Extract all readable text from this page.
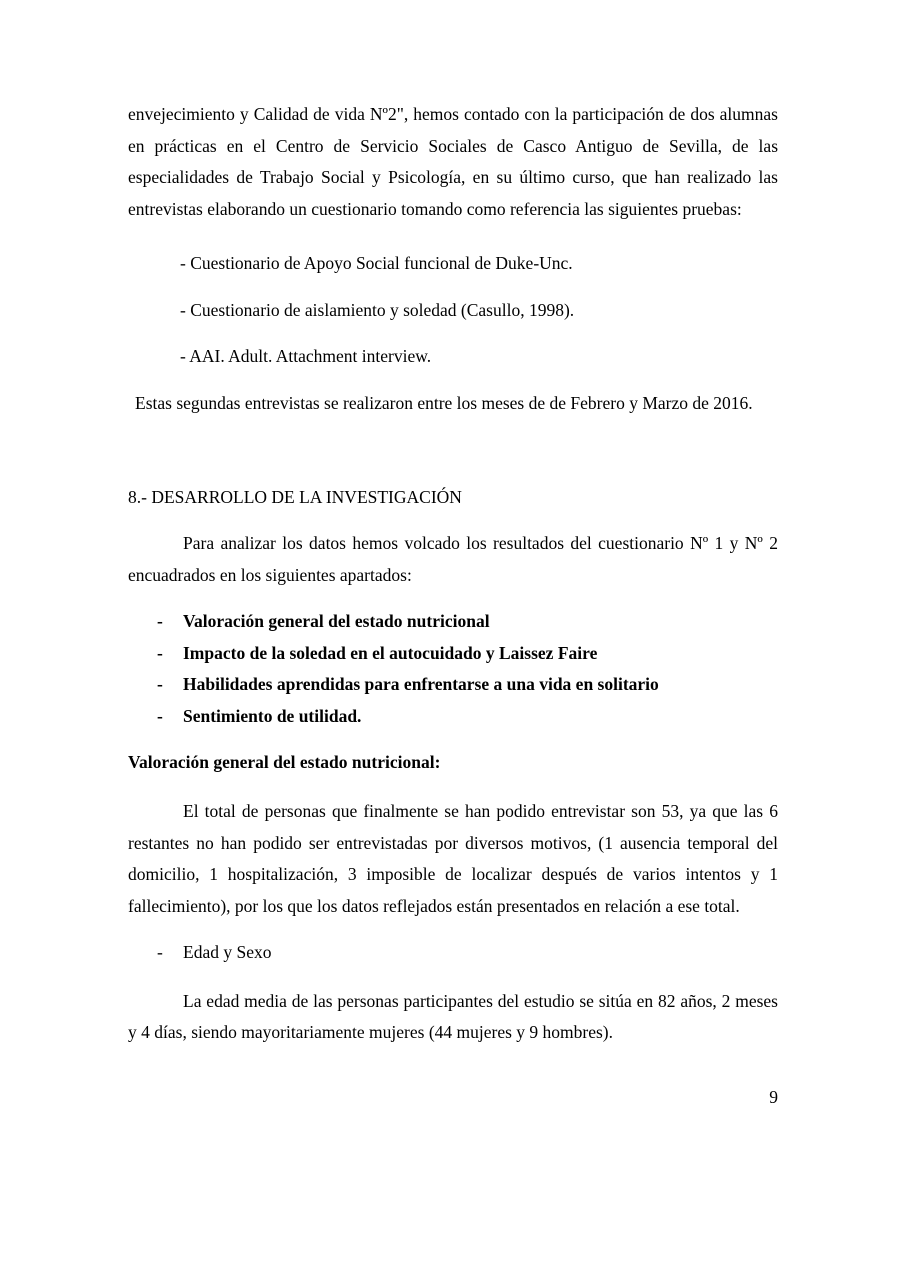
envejecimiento y Calidad de vida Nº2", hemos contado con la participación de dos alumnas en prácticas en el Centro de Servicio Sociales de Casco Antiguo de Sevilla, de las especialidades de Trabajo Social y Psicología, en su último curso, que han realizado las entrevistas elaborando un cuestionario tomando como referencia las siguientes pruebas:

- Cuestionario de Apoyo Social funcional de Duke-Unc.

- Cuestionario de aislamiento y soledad (Casullo, 1998).

- AAI. Adult. Attachment interview.

Estas segundas entrevistas se realizaron entre los meses de de Febrero y Marzo de 2016.

8.- DESARROLLO DE LA INVESTIGACIÓN

Para analizar los datos hemos volcado los resultados del cuestionario Nº 1 y Nº 2 encuadrados en los siguientes apartados:

-	Valoración general del estado nutricional
-	Impacto de la soledad en el autocuidado y Laissez Faire
-	Habilidades aprendidas para enfrentarse a una vida en solitario
-	Sentimiento de utilidad.
Valoración general del estado nutricional:

El total de personas que finalmente se han podido entrevistar son 53, ya que las 6 restantes no han podido ser entrevistadas por diversos motivos, (1 ausencia temporal del domicilio, 1 hospitalización, 3 imposible de localizar después de varios intentos y 1 fallecimiento), por los que los datos reflejados están presentados en relación a ese total.

-	Edad y Sexo

La edad media de las personas participantes del estudio se sitúa en 82 años, 2 meses y 4 días, siendo mayoritariamente mujeres (44 mujeres y 9 hombres).

9
